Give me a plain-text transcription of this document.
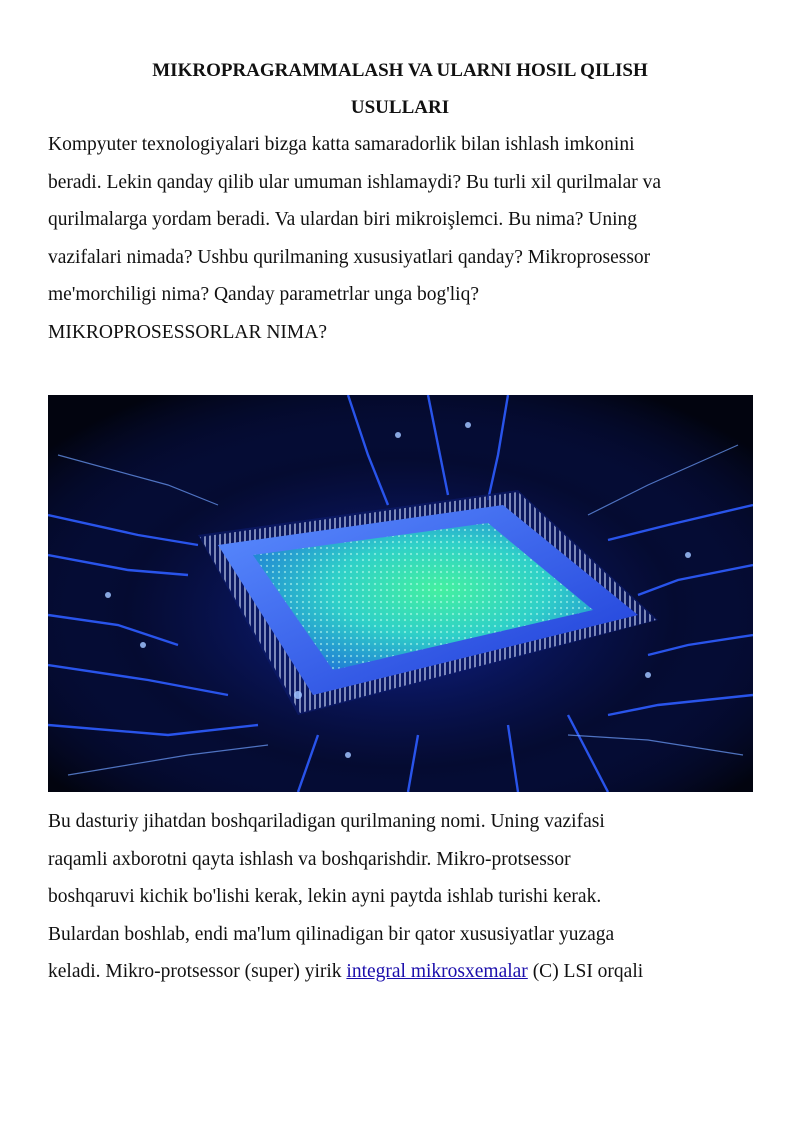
MIKROPRAGRAMMALASH VA ULARNI HOSIL QILISH
USULLARI
Kompyuter texnologiyalari bizga katta samaradorlik bilan ishlash imkonini
beradi. Lekin qanday qilib ular umuman ishlamaydi? Bu turli xil qurilmalar va
qurilmalarga yordam beradi. Va ulardan biri mikroişlemci. Bu nima? Uning
vazifalari nimada? Ushbu qurilmaning xususiyatlari qanday? Mikroprosessor
me'morchiligi nima? Qanday parametrlar unga bog'liq?
MIKROPROSESSORLAR NIMA?
Bu dasturiy jihatdan boshqariladigan qurilmaning nomi. Uning vazifasi
raqamli axborotni qayta ishlash va boshqarishdir. Mikro-protsessor
boshqaruvi kichik bo'lishi kerak, lekin ayni paytda ishlab turishi kerak.
Bulardan boshlab, endi ma'lum qilinadigan bir qator xususiyatlar yuzaga
keladi. Mikro-protsessor (super) yirik integral mikrosxemalar (C) LSI orqali
